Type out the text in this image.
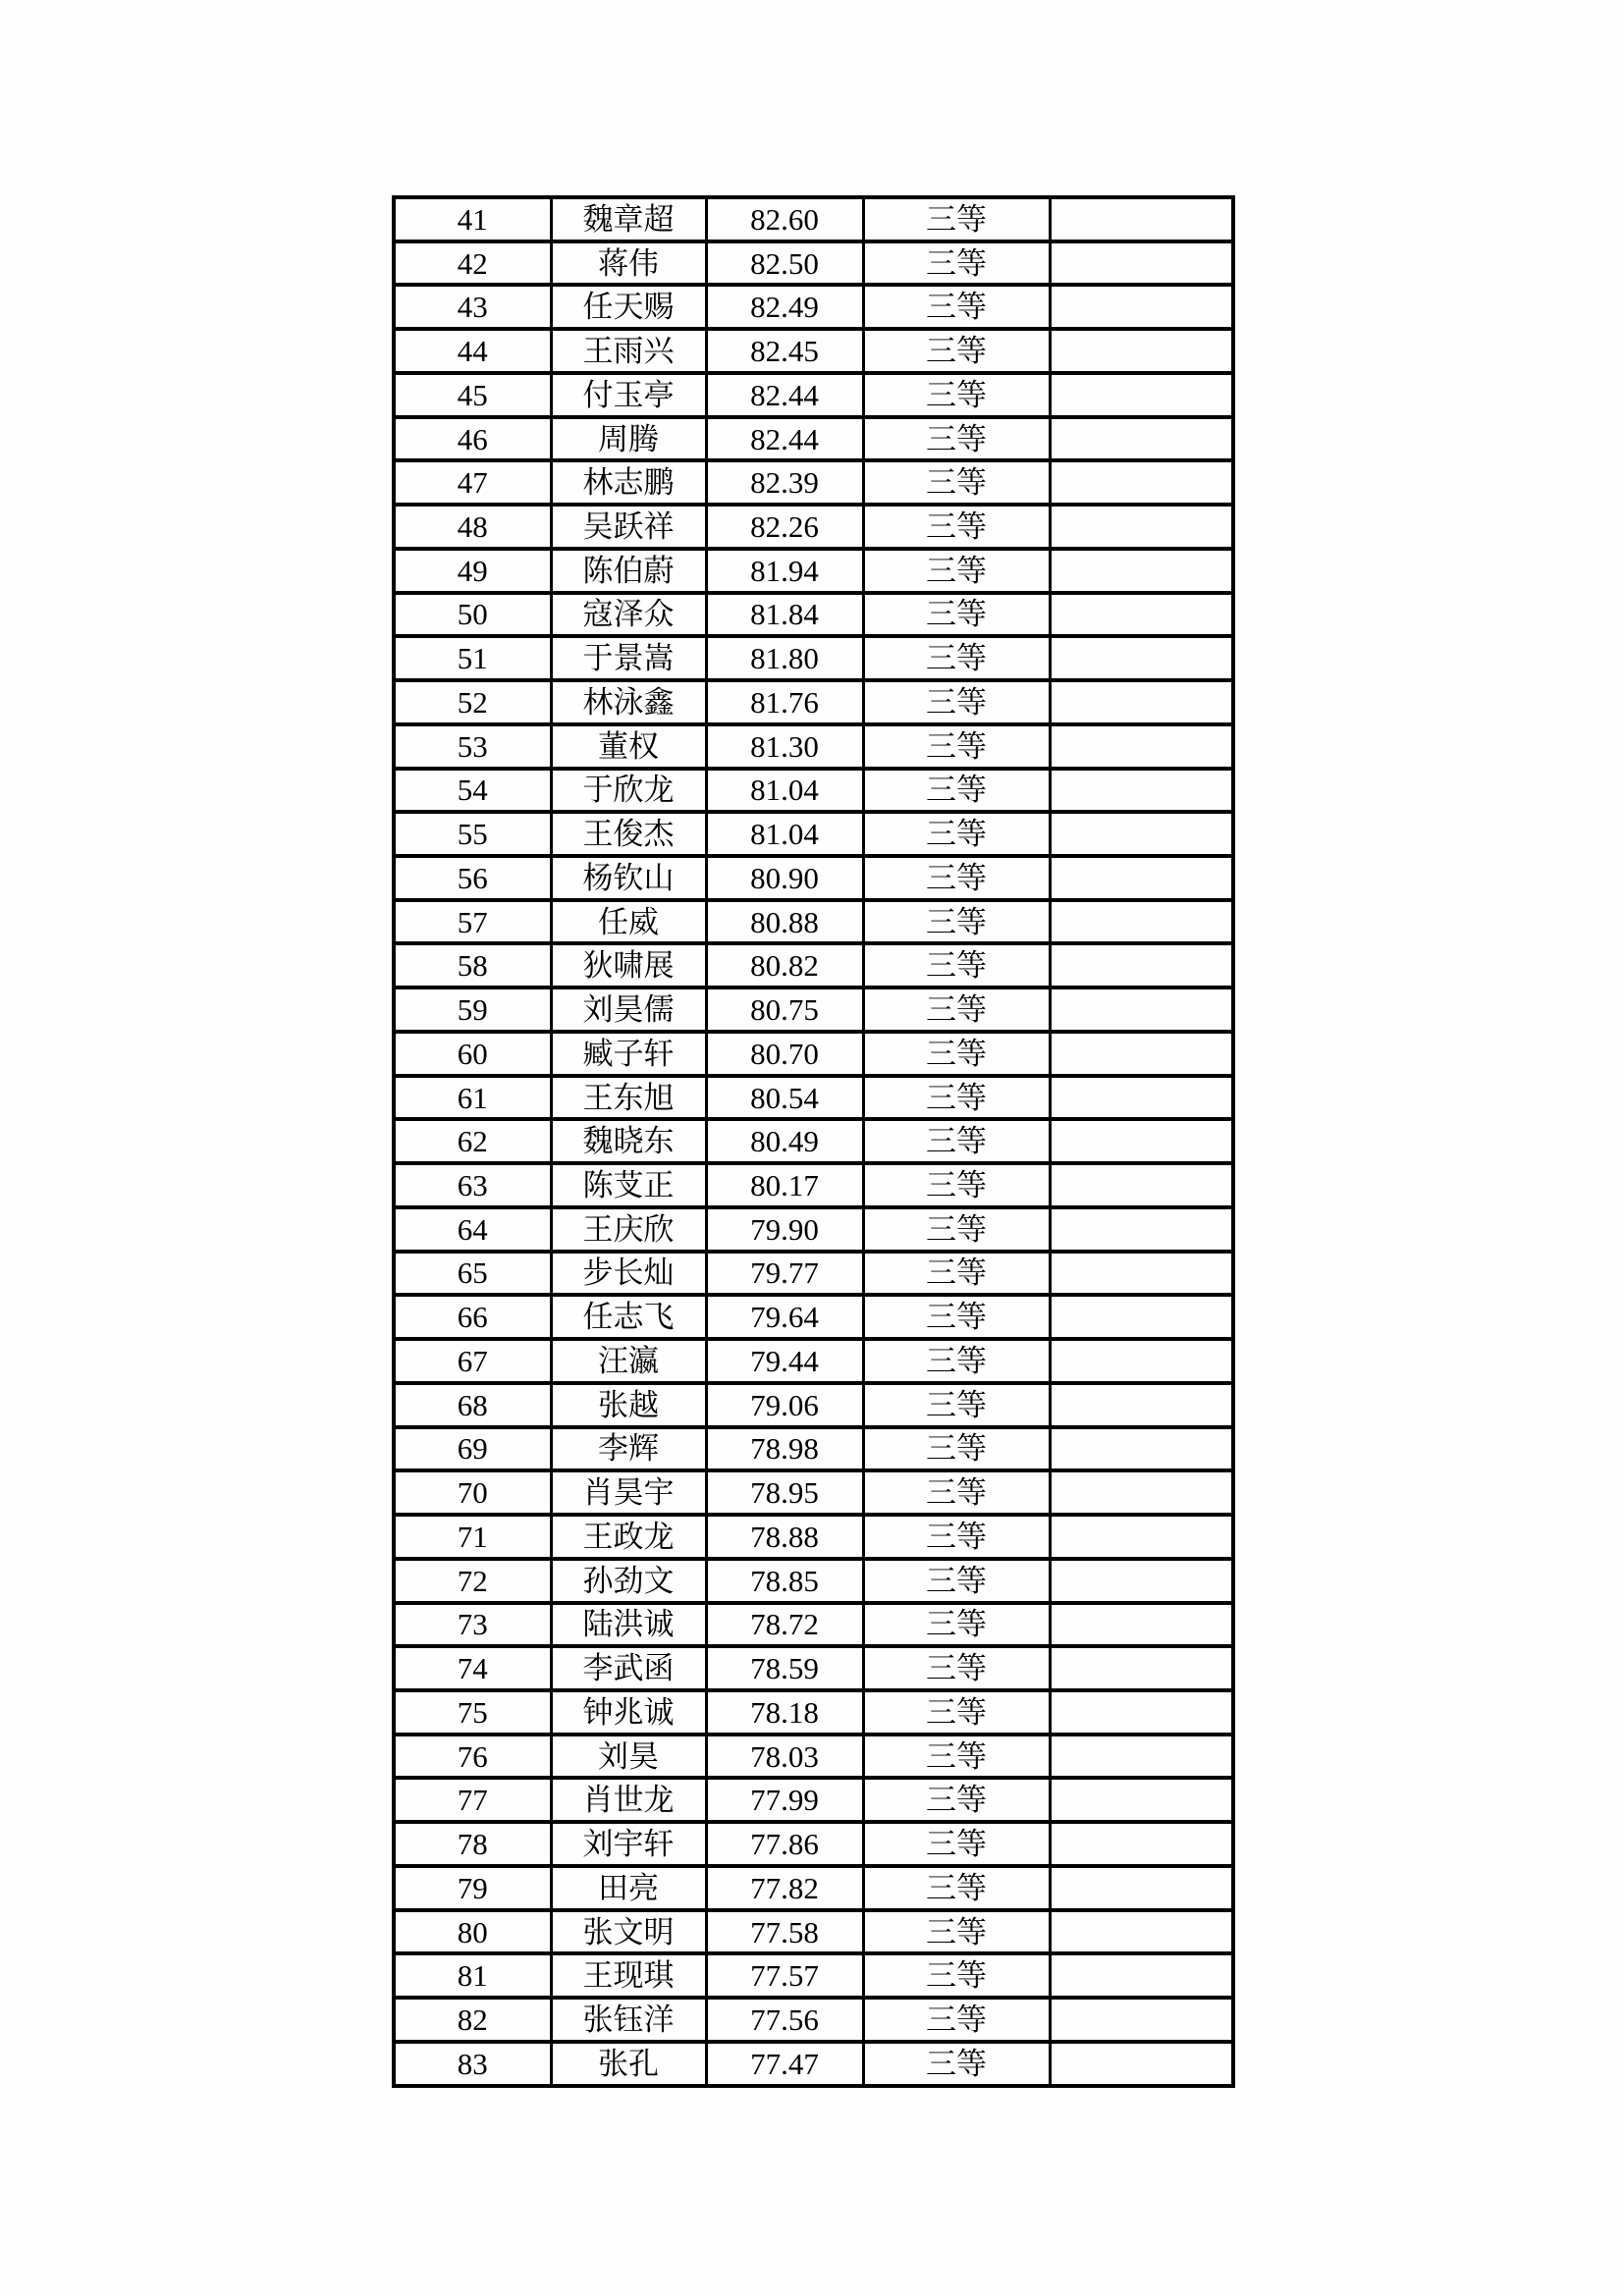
41	魏章超	82.60	三等	
42	蒋伟	82.50	三等	
43	任天赐	82.49	三等	
44	王雨兴	82.45	三等	
45	付玉亭	82.44	三等	
46	周腾	82.44	三等	
47	林志鹏	82.39	三等	
48	吴跃祥	82.26	三等	
49	陈伯蔚	81.94	三等	
50	寇泽众	81.84	三等	
51	于景嵩	81.80	三等	
52	林泳鑫	81.76	三等	
53	董权	81.30	三等	
54	于欣龙	81.04	三等	
55	王俊杰	81.04	三等	
56	杨钦山	80.90	三等	
57	任威	80.88	三等	
58	狄啸展	80.82	三等	
59	刘昊儒	80.75	三等	
60	臧子轩	80.70	三等	
61	王东旭	80.54	三等	
62	魏晓东	80.49	三等	
63	陈芆正	80.17	三等	
64	王庆欣	79.90	三等	
65	步长灿	79.77	三等	
66	任志飞	79.64	三等	
67	汪瀛	79.44	三等	
68	张越	79.06	三等	
69	李辉	78.98	三等	
70	肖昊宇	78.95	三等	
71	王政龙	78.88	三等	
72	孙劲文	78.85	三等	
73	陆洪诚	78.72	三等	
74	李武函	78.59	三等	
75	钟兆诚	78.18	三等	
76	刘昊	78.03	三等	
77	肖世龙	77.99	三等	
78	刘宇轩	77.86	三等	
79	田亮	77.82	三等	
80	张文明	77.58	三等	
81	王现琪	77.57	三等	
82	张钰洋	77.56	三等	
83	张孔	77.47	三等	
